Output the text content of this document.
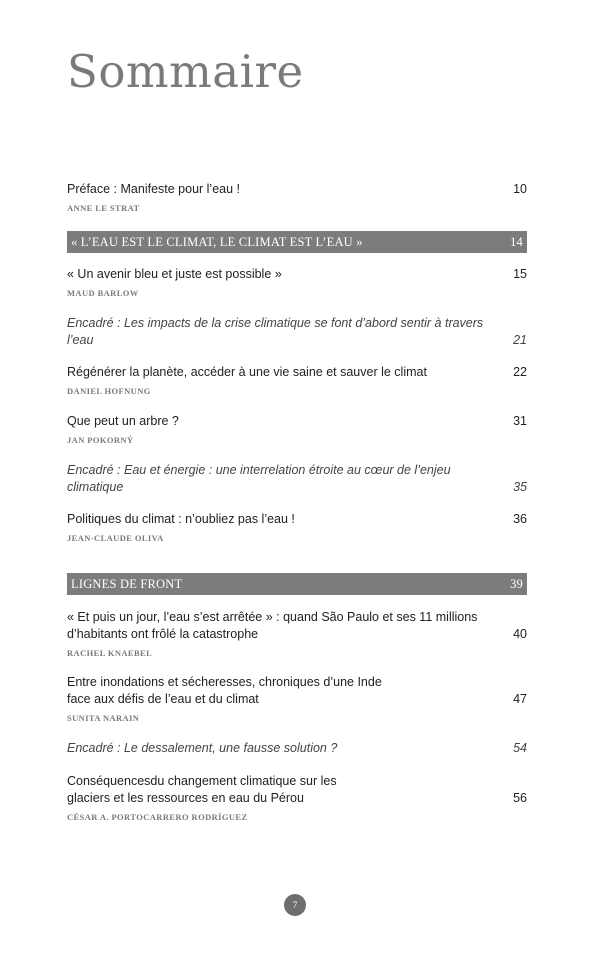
Sommaire
Préface : Manifeste pour l’eau !	10
ANNE LE STRAT
« L’EAU EST LE CLIMAT, LE CLIMAT EST L’EAU »	14
« Un avenir bleu et juste est possible »	15
MAUD BARLOW
Encadré : Les impacts de la crise climatique se font d’abord sentir à travers l’eau	21
Régénérer la planète, accéder à une vie saine et sauver le climat	22
DANIEL HOFNUNG
Que peut un arbre ?	31
JAN POKORNÝ
Encadré : Eau et énergie : une interrelation étroite au cœur de l’enjeu climatique	35
Politiques du climat : n’oubliez pas l’eau !	36
JEAN-CLAUDE OLIVA
LIGNES DE FRONT	39
« Et puis un jour, l’eau s’est arrêtée » : quand São Paulo et ses 11 millions d’habitants ont frôlé la catastrophe	40
RACHEL KNAEBEL
Entre inondations et sécheresses, chroniques d’une Inde face aux défis de l’eau et du climat	47
SUNITA NARAIN
Encadré : Le dessalement, une fausse solution ?	54
Conséquencesdu changement climatique sur les glaciers et les ressources en eau du Pérou	56
CÉSAR A. PORTOCARRERO RODRÍGUEZ
7
